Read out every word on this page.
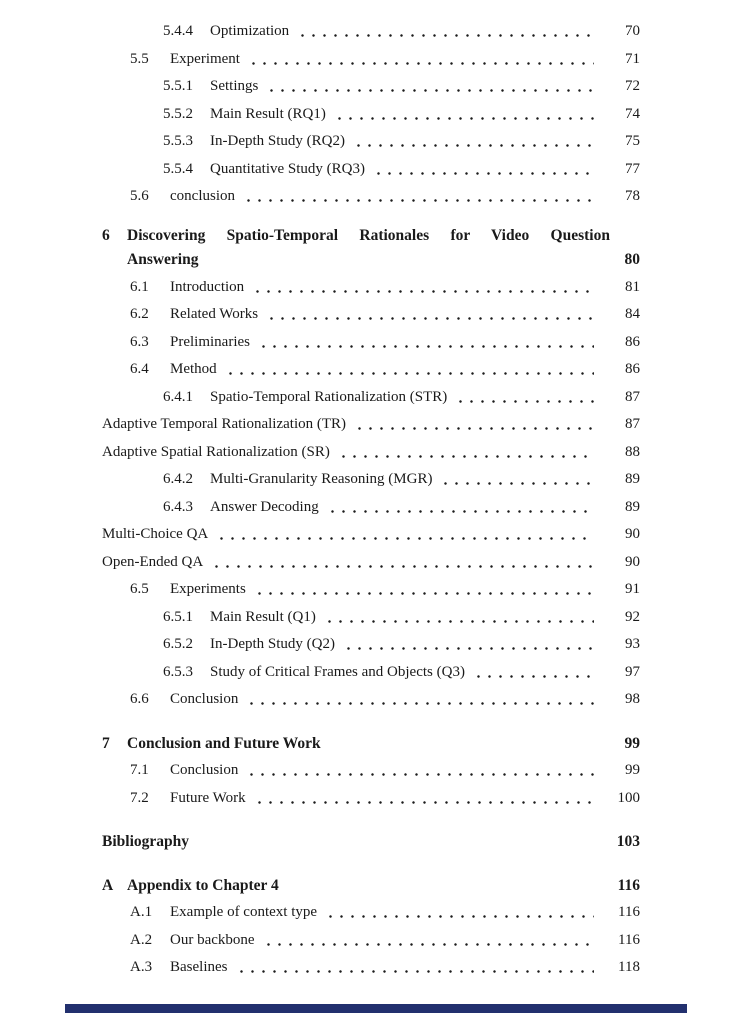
5.4.4	Optimization	70
5.5	Experiment	71
5.5.1	Settings	72
5.5.2	Main Result (RQ1)	74
5.5.3	In-Depth Study (RQ2)	75
5.5.4	Quantitative Study (RQ3)	77
5.6	conclusion	78
6	Discovering Spatio-Temporal Rationales for Video Question
Answering	80
6.1	Introduction	81
6.2	Related Works	84
6.3	Preliminaries	86
6.4	Method	86
6.4.1	Spatio-Temporal Rationalization (STR)	87
Adaptive Temporal Rationalization (TR)	87
Adaptive Spatial Rationalization (SR)	88
6.4.2	Multi-Granularity Reasoning (MGR)	89
6.4.3	Answer Decoding	89
Multi-Choice QA	90
Open-Ended QA	90
6.5	Experiments	91
6.5.1	Main Result (Q1)	92
6.5.2	In-Depth Study (Q2)	93
6.5.3	Study of Critical Frames and Objects (Q3)	97
6.6	Conclusion	98
7	Conclusion and Future Work	99
7.1	Conclusion	99
7.2	Future Work	100
Bibliography	103
A Appendix to Chapter 4	116
A.1	Example of context type	116
A.2	Our backbone	116
A.3	Baselines	118
